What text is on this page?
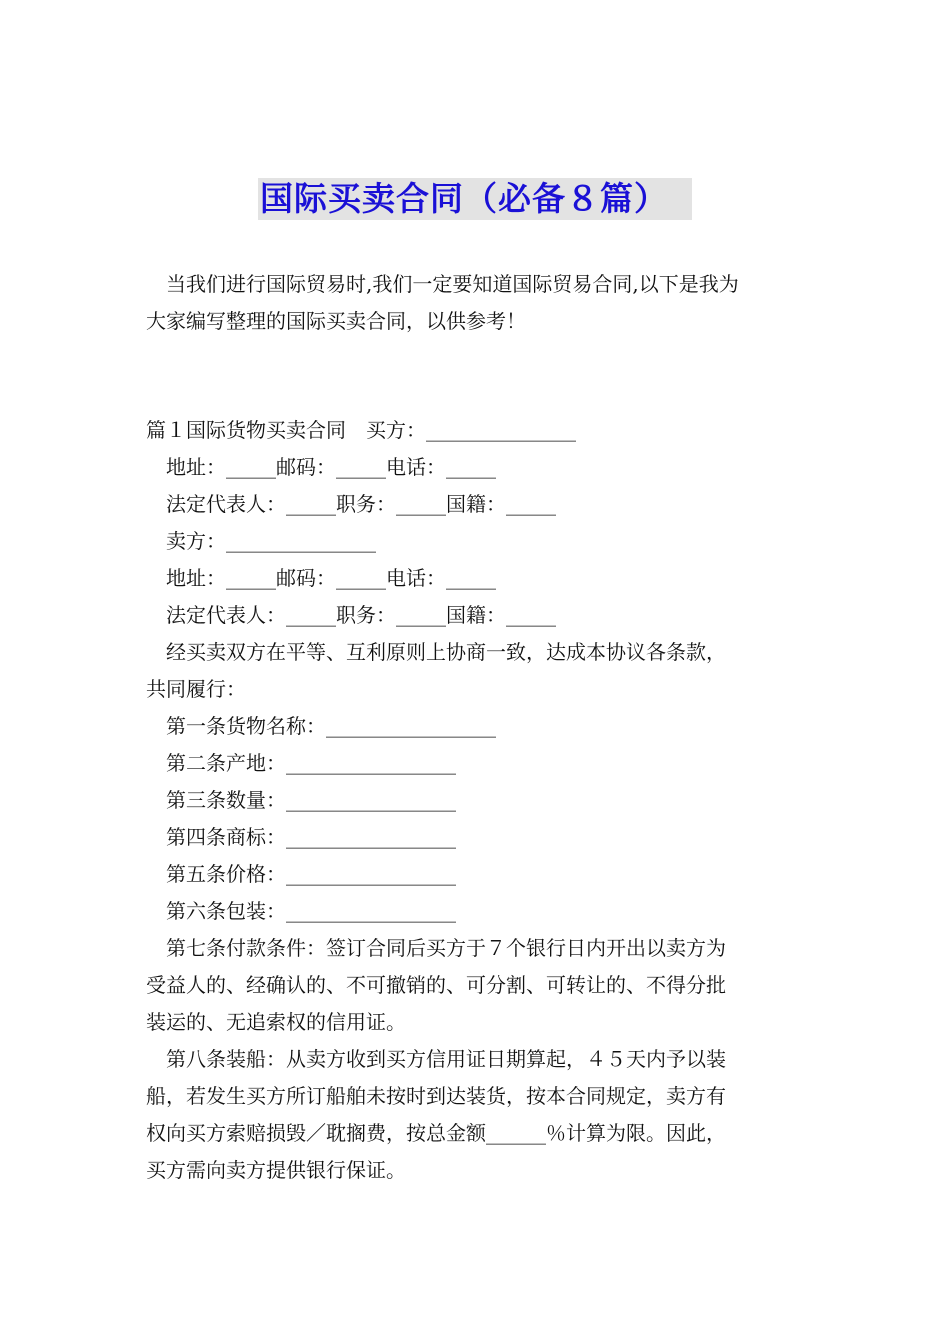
国际买卖合同（必备８篇）
当我们进行国际贸易时,我们一定要知道国际贸易合同,以下是我为
大家编写整理的国际买卖合同，以供参考！
篇１国际货物买卖合同　买方：_______________
地址：_____邮码：_____电话：_____
法定代表人：_____职务：_____国籍：_____
卖方：_______________
地址：_____邮码：_____电话：_____
法定代表人：_____职务：_____国籍：_____
经买卖双方在平等、互利原则上协商一致，达成本协议各条款，
共同履行：
第一条货物名称：_________________
第二条产地：_________________
第三条数量：_________________
第四条商标：_________________
第五条价格：_________________
第六条包装：_________________
第七条付款条件：签订合同后买方于７个银行日内开出以卖方为
受益人的、经确认的、不可撤销的、可分割、可转让的、不得分批
装运的、无追索权的信用证。
第八条装船：从卖方收到买方信用证日期算起，４５天内予以装
船，若发生买方所订船舶未按时到达装货，按本合同规定，卖方有
权向买方索赔损毁／耽搁费，按总金额______％计算为限。因此，
买方需向卖方提供银行保证。
